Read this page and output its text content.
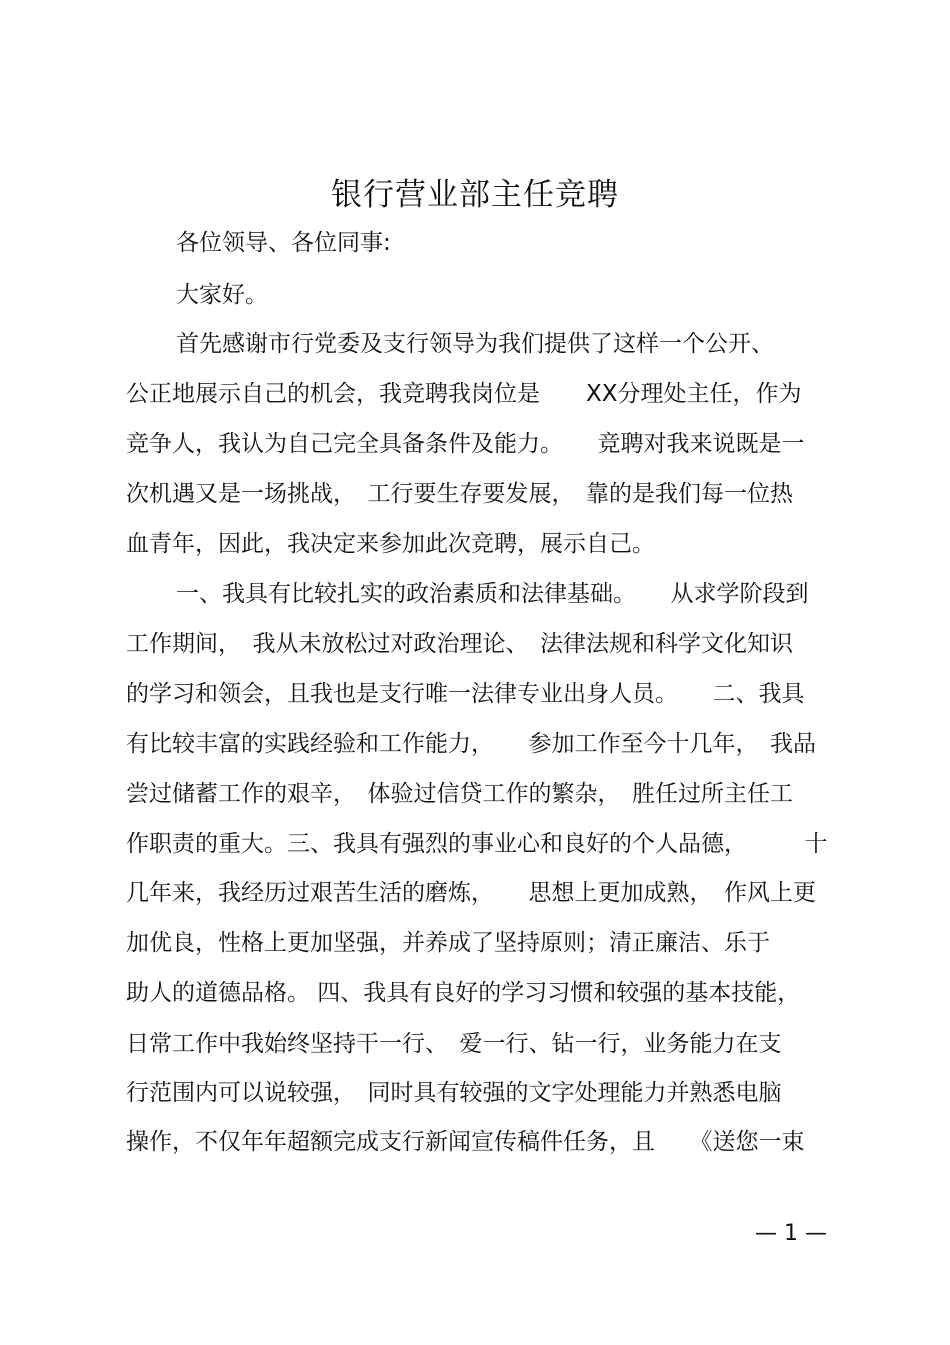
银行营业部主任竞聘
各位领导、各位同事:
大家好。
首先感谢市行党委及支行领导为我们提供了这样一个公开、
公正地展示自己的机会，我竞聘我岗位是　　XX分理处主任，作为
竞争人，我认为自己完全具备条件及能力。　　竞聘对我来说既是一
次机遇又是一场挑战，　工行要生存要发展，　靠的是我们每一位热
血青年，因此，我决定来参加此次竞聘，展示自己。
一、我具有比较扎实的政治素质和法律基础。　　从求学阶段到
工作期间，　我从未放松过对政治理论、　法律法规和科学文化知识
的学习和领会，且我也是支行唯一法律专业出身人员。　　二、我具
有比较丰富的实践经验和工作能力，　　参加工作至今十几年，　我品
尝过储蓄工作的艰辛，　体验过信贷工作的繁杂，　胜任过所主任工
作职责的重大。三、我具有强烈的事业心和良好的个人品德，　　　十
几年来，我经历过艰苦生活的磨炼，　　思想上更加成熟，　作风上更
加优良，性格上更加坚强，并养成了坚持原则；清正廉洁、乐于
助人的道德品格。 四、我具有良好的学习习惯和较强的基本技能，
日常工作中我始终坚持干一行、　爱一行、钻一行，业务能力在支
行范围内可以说较强，　同时具有较强的文字处理能力并熟悉电脑
操作，不仅年年超额完成支行新闻宣传稿件任务，且　　《送您一束
— 1 —
